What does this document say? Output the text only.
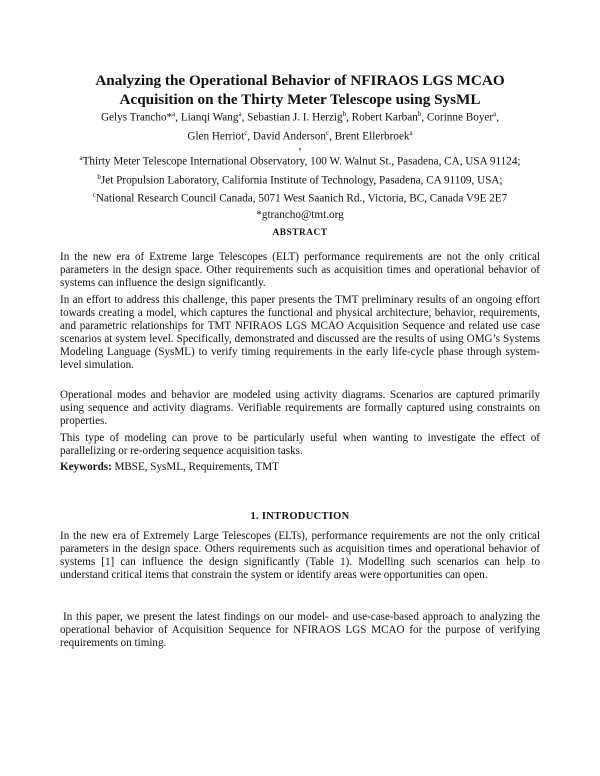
Analyzing the Operational Behavior of NFIRAOS LGS MCAO
Acquisition on the Thirty Meter Telescope using SysML
Gelys Trancho*$^a$, Lianqi Wang$^a$, Sebastian J. I. Herzig$^b$, Robert Karban$^b$, Corinne Boyer$^a$,
Glen Herriot$^c$, David Anderson$^c$, Brent Ellerbroek$^a$
,
$^a$Thirty Meter Telescope International Observatory, 100 W. Walnut St., Pasadena, CA, USA 91124;
$^b$Jet Propulsion Laboratory, California Institute of Technology, Pasadena, CA 91109, USA;
$^c$National Research Council Canada, 5071 West Saanich Rd., Victoria, BC, Canada V9E 2E7
*gtrancho@tmt.org
ABSTRACT

In the new era of Extreme large Telescopes (ELT) performance requirements are not the only critical parameters in the design space. Other requirements such as acquisition times and operational behavior of systems can influence the design significantly.

In an effort to address this challenge, this paper presents the TMT preliminary results of an ongoing effort towards creating a model, which captures the functional and physical architecture, behavior, requirements, and parametric relationships for TMT NFIRAOS LGS MCAO Acquisition Sequence and related use case scenarios at system level. Specifically, demonstrated and discussed are the results of using OMG’s Systems Modeling Language (SysML) to verify timing requirements in the early life-cycle phase through system-level simulation.

Operational modes and behavior are modeled using activity diagrams. Scenarios are captured primarily using sequence and activity diagrams. Verifiable requirements are formally captured using constraints on properties.

This type of modeling can prove to be particularly useful when wanting to investigate the effect of parallelizing or re-ordering sequence acquisition tasks.

Keywords: MBSE, SysML, Requirements, TMT

1. INTRODUCTION

In the new era of Extremely Large Telescopes (ELTs), performance requirements are not the only critical parameters in the design space. Others requirements such as acquisition times and operational behavior of systems [1] can influence the design significantly (Table 1). Modelling such scenarios can help to understand critical items that constrain the system or identify areas were opportunities can open.

In this paper, we present the latest findings on our model- and use-case-based approach to analyzing the operational behavior of Acquisition Sequence for NFIRAOS LGS MCAO for the purpose of verifying requirements on timing.
